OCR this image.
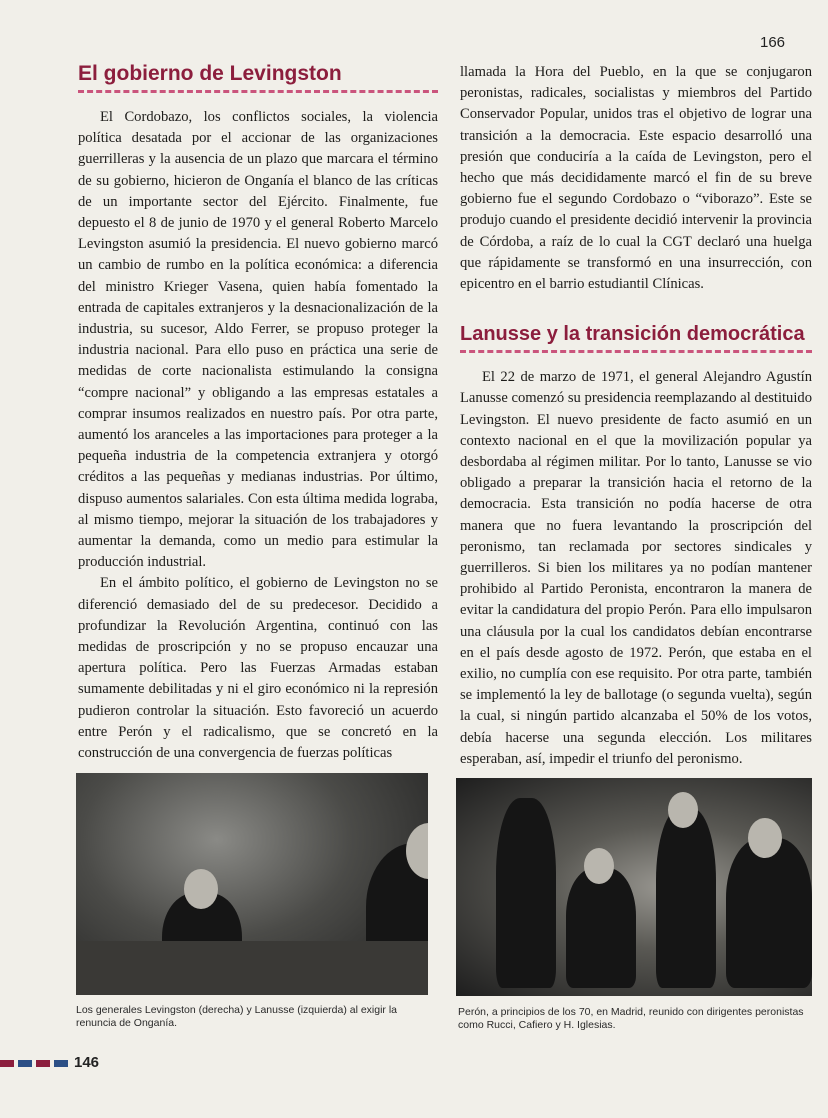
166
El gobierno de Levingston

El Cordobazo, los conflictos sociales, la violencia política desatada por el accionar de las organizaciones guerrilleras y la ausencia de un plazo que marcara el término de su gobierno, hicieron de Onganía el blanco de las críticas de un importante sector del Ejército. Finalmente, fue depuesto el 8 de junio de 1970 y el general Roberto Marcelo Levingston asumió la presidencia. El nuevo gobierno marcó un cambio de rumbo en la política económica: a diferencia del ministro Krieger Vasena, quien había fomentado la entrada de capitales extranjeros y la desnacionalización de la industria, su sucesor, Aldo Ferrer, se propuso proteger la industria nacional. Para ello puso en práctica una serie de medidas de corte nacionalista estimulando la consigna “compre nacional” y obligando a las empresas estatales a comprar insumos realizados en nuestro país. Por otra parte, aumentó los aranceles a las importaciones para proteger a la pequeña industria de la competencia extranjera y otorgó créditos a las pequeñas y medianas industrias. Por último, dispuso aumentos salariales. Con esta última medida lograba, al mismo tiempo, mejorar la situación de los trabajadores y aumentar la demanda, como un medio para estimular la producción industrial.

En el ámbito político, el gobierno de Levingston no se diferenció demasiado del de su predecesor. Decidido a profundizar la Revolución Argentina, continuó con las medidas de proscripción y no se propuso encauzar una apertura política. Pero las Fuerzas Armadas estaban sumamente debilitadas y ni el giro económico ni la represión pudieron controlar la situación. Esto favoreció un acuerdo entre Perón y el radicalismo, que se concretó en la construcción de una convergencia de fuerzas políticas

llamada la Hora del Pueblo, en la que se conjugaron peronistas, radicales, socialistas y miembros del Partido Conservador Popular, unidos tras el objetivo de lograr una transición a la democracia. Este espacio desarrolló una presión que conduciría a la caída de Levingston, pero el hecho que más decididamente marcó el fin de su breve gobierno fue el segundo Cordobazo o “viborazo”. Este se produjo cuando el presidente decidió intervenir la provincia de Córdoba, a raíz de lo cual la CGT declaró una huelga que rápidamente se transformó en una insurrección, con epicentro en el barrio estudiantil Clínicas.

Lanusse y la transición democrática

El 22 de marzo de 1971, el general Alejandro Agustín Lanusse comenzó su presidencia reemplazando al destituido Levingston. El nuevo presidente de facto asumió en un contexto nacional en el que la movilización popular ya desbordaba al régimen militar. Por lo tanto, Lanusse se vio obligado a preparar la transición hacia el retorno de la democracia. Esta transición no podía hacerse de otra manera que no fuera levantando la proscripción del peronismo, tan reclamada por sectores sindicales y guerrilleros. Si bien los militares ya no podían mantener prohibido al Partido Peronista, encontraron la manera de evitar la candidatura del propio Perón. Para ello impulsaron una cláusula por la cual los candidatos debían encontrarse en el país desde agosto de 1972. Perón, que estaba en el exilio, no cumplía con ese requisito. Por otra parte, también se implementó la ley de ballotage (o segunda vuelta), según la cual, si ningún partido alcanzaba el 50% de los votos, debía hacerse una segunda elección. Los militares esperaban, así, impedir el triunfo del peronismo.

Los generales Levingston (derecha) y Lanusse (izquierda) al exigir la renuncia de Onganía.
Perón, a principios de los 70, en Madrid, reunido con dirigentes peronistas como Rucci, Cafiero y H. Iglesias.
146
